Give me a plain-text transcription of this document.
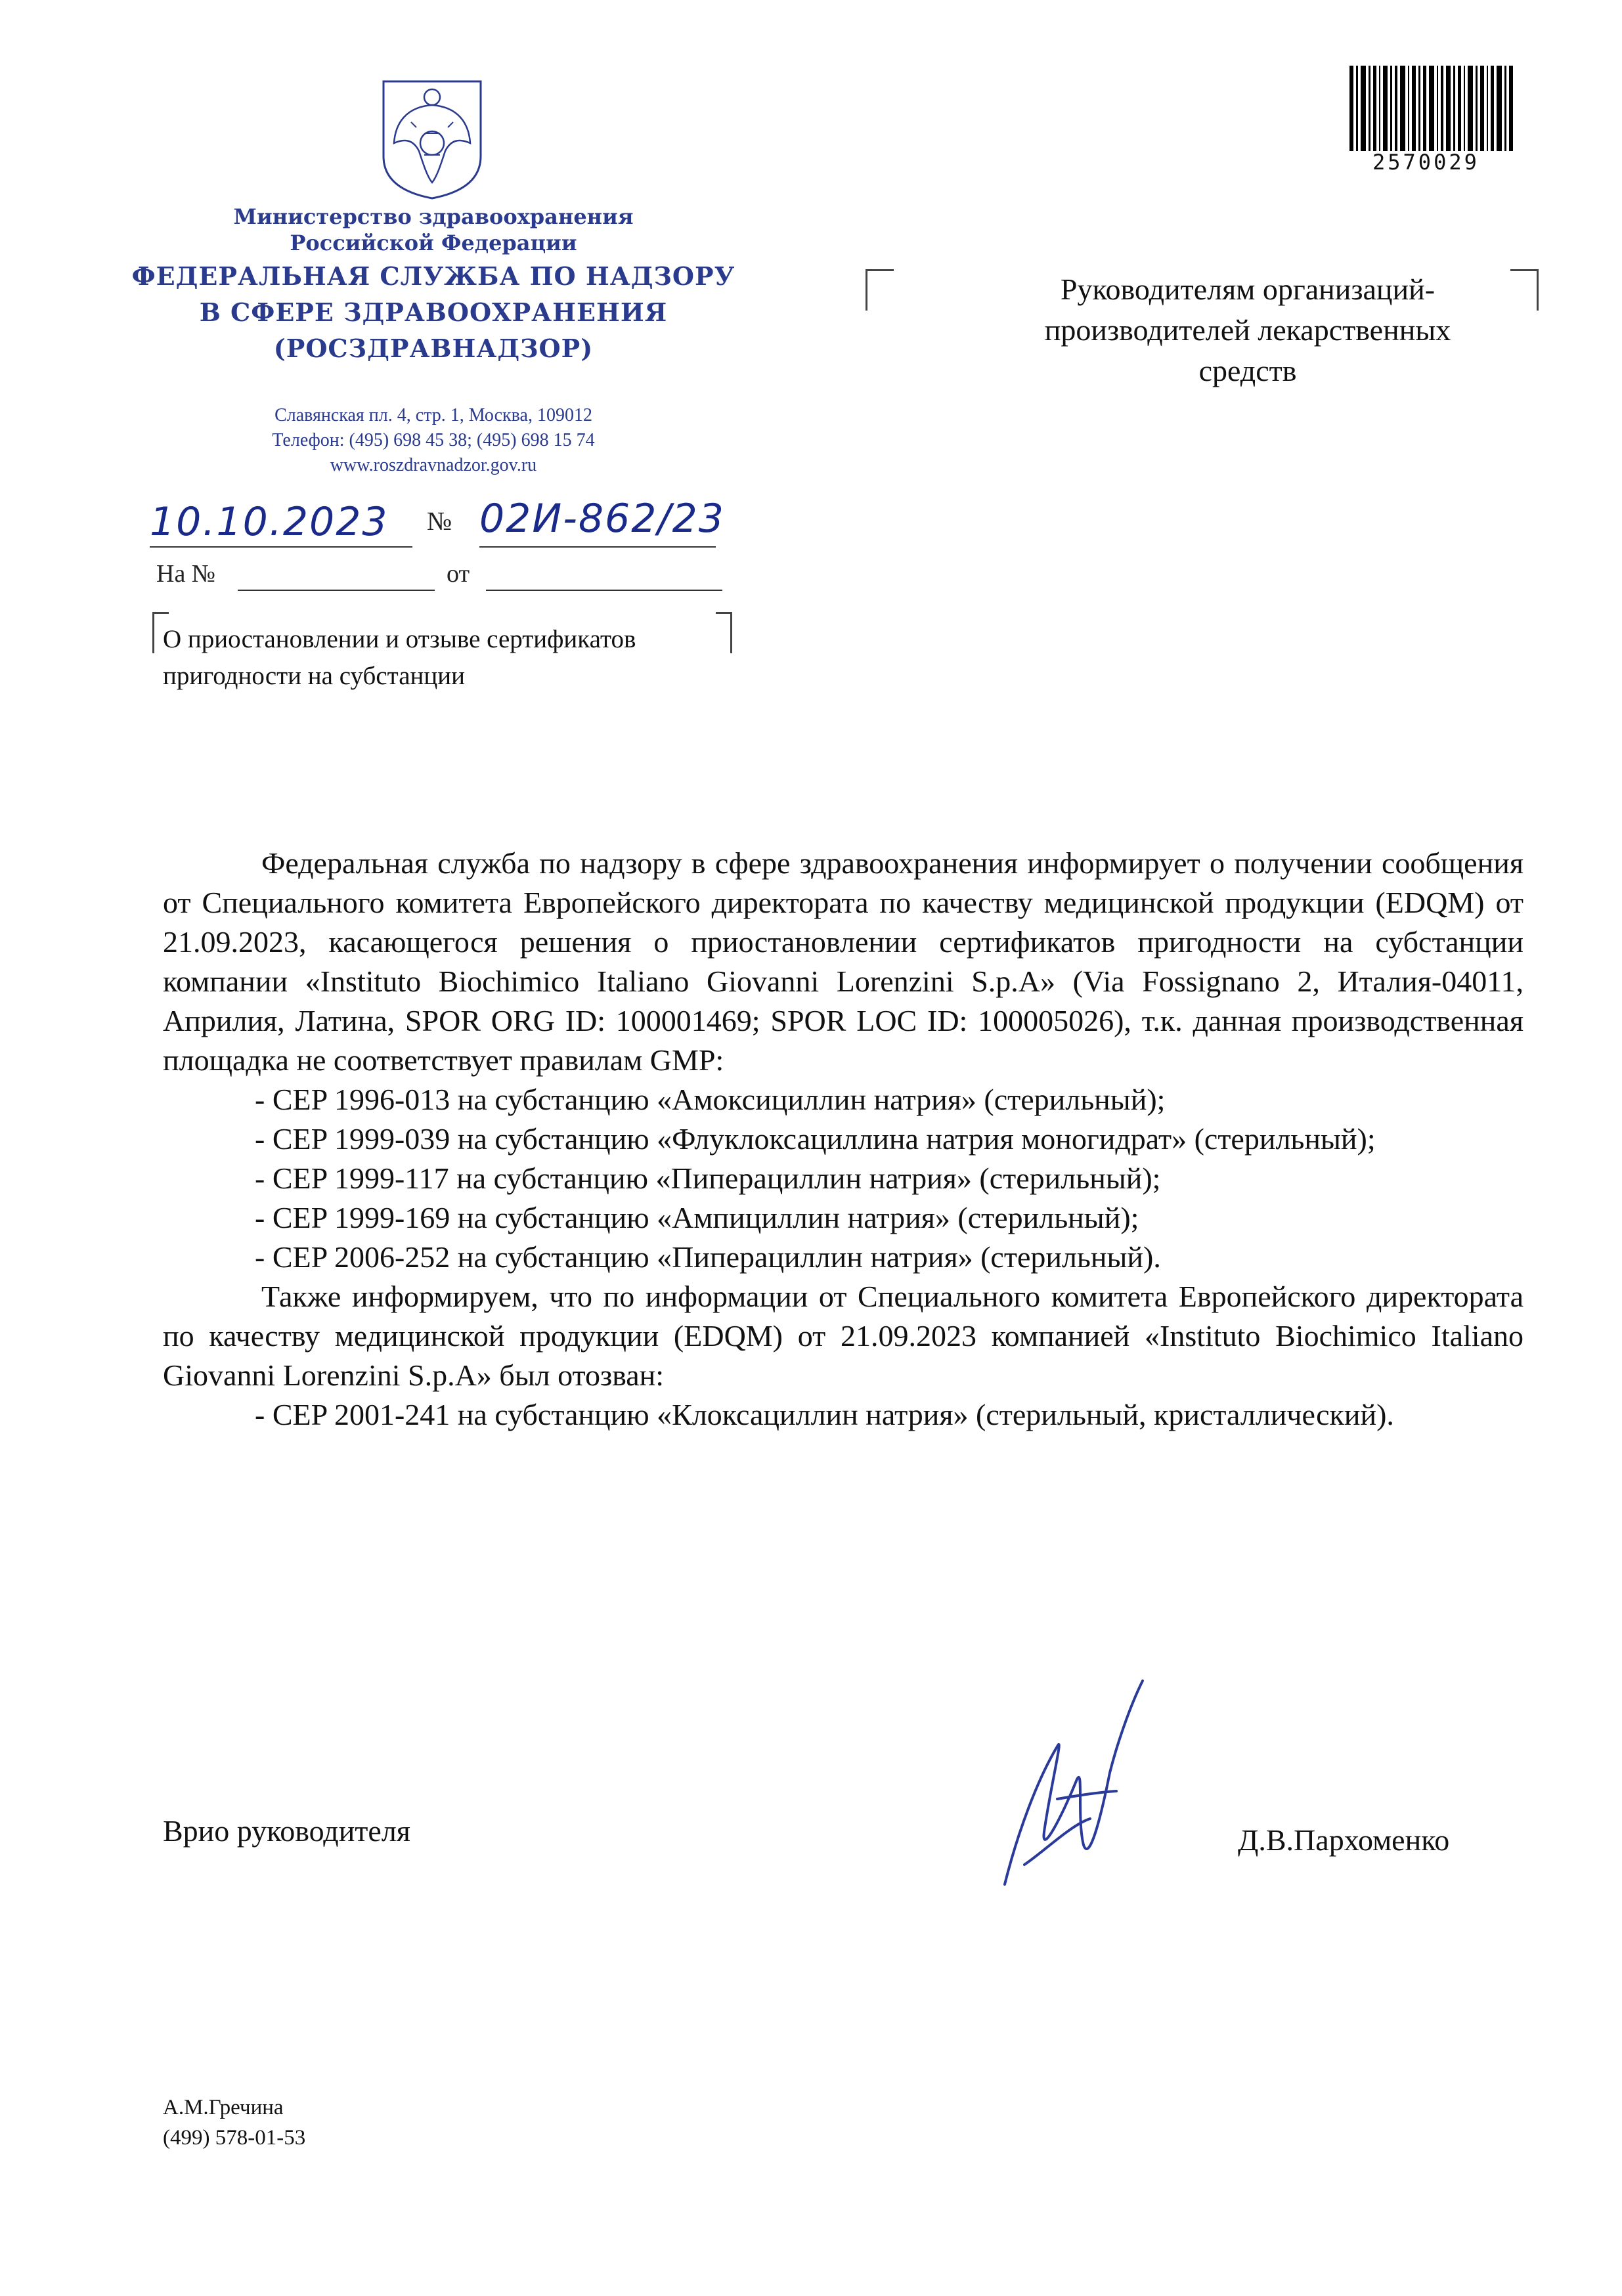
Министерство здравоохранения
Российской Федерации
ФЕДЕРАЛЬНАЯ СЛУЖБА ПО НАДЗОРУ
В СФЕРЕ ЗДРАВООХРАНЕНИЯ
(РОСЗДРАВНАДЗОР)
Славянская пл. 4, стр. 1, Москва, 109012
Телефон: (495) 698 45 38; (495) 698 15 74
www.roszdravnadzor.gov.ru
10.10.2023 № 02И-862/23
На №	от
О приостановлении и отзыве сертификатов
пригодности на субстанции
2570029
Руководителям организаций-
производителей лекарственных
средств

Федеральная служба по надзору в сфере здравоохранения информирует о получении сообщения от Специального комитета Европейского директората по качеству медицинской продукции (EDQM) от 21.09.2023, касающегося решения о приостановлении сертификатов пригодности на субстанции компании «Instituto Biochimico Italiano Giovanni Lorenzini S.p.A» (Via Fossignano 2, Италия-04011, Априлия, Латина, SPOR ORG ID: 100001469; SPOR LOC ID: 100005026), т.к. данная производственная площадка не соответствует правилам GMP:

- CEP 1996-013 на субстанцию «Амоксициллин натрия» (стерильный);

- CEP 1999-039 на субстанцию «Флуклоксациллина натрия моногидрат» (стерильный);

- CEP 1999-117 на субстанцию «Пиперациллин натрия» (стерильный);

- CEP 1999-169 на субстанцию «Ампициллин натрия» (стерильный);

- CEP 2006-252 на субстанцию «Пиперациллин натрия» (стерильный).

Также информируем, что по информации от Специального комитета Европейского директората по качеству медицинской продукции (EDQM) от 21.09.2023 компанией «Instituto Biochimico Italiano Giovanni Lorenzini S.p.A» был отозван:

- CEP 2001-241 на субстанцию «Клоксациллин натрия» (стерильный, кристаллический).

Врио руководителя	Д.В.Пархоменко
А.М.Гречина
(499) 578-01-53
